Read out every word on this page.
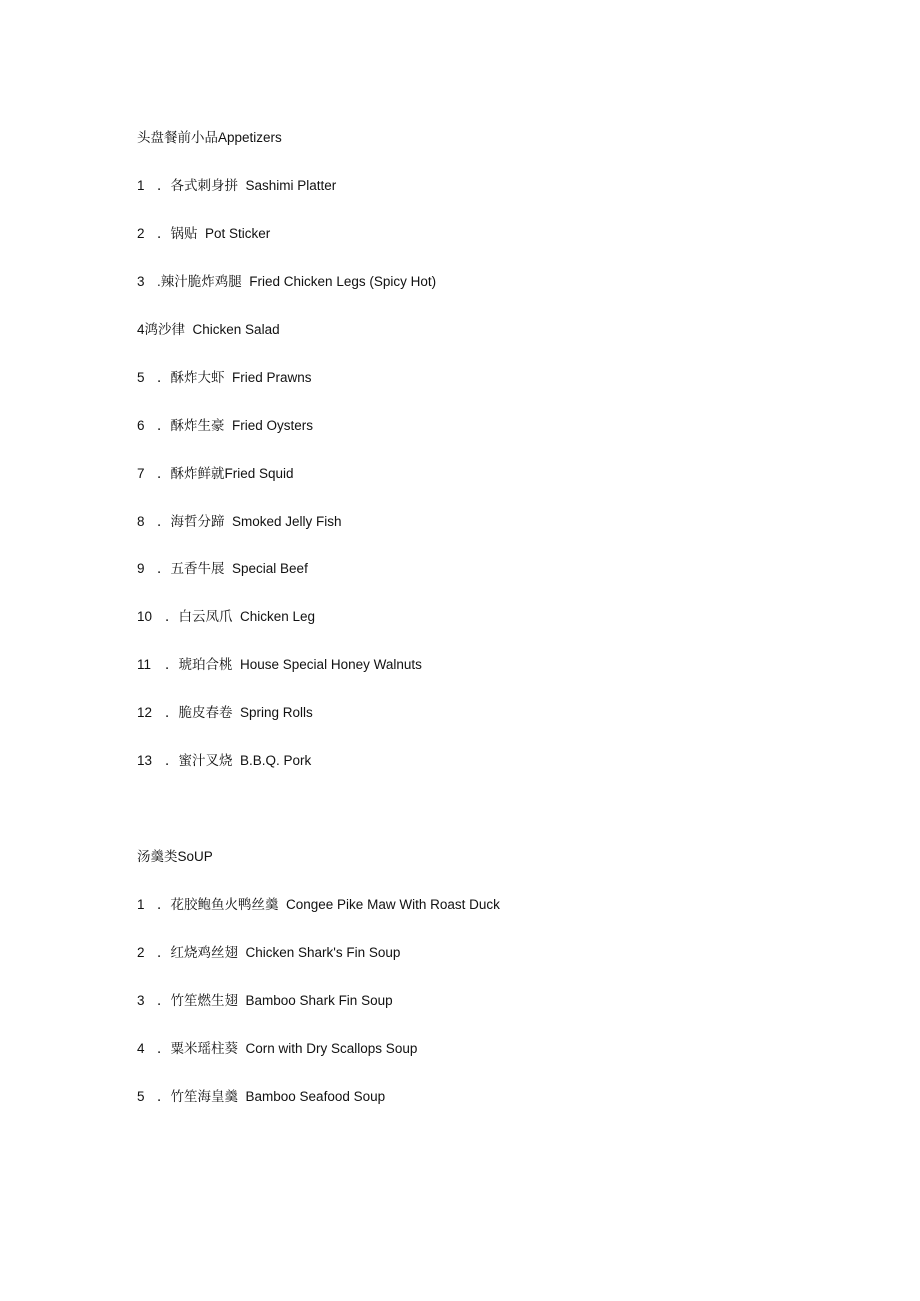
头盘餐前小品Appetizers
1 ．各式刺身拼 Sashimi Platter
2 ．锅贴 Pot Sticker
3 .辣汁脆炸鸡腿 Fried Chicken Legs (Spicy Hot)
4鸿沙律 Chicken Salad
5 ．酥炸大虾 Fried Prawns
6 ．酥炸生豪 Fried Oysters
7 ．酥炸鲜就Fried Squid
8 ．海哲分蹄 Smoked Jelly Fish
9 ．五香牛展 Special Beef
10 ．白云凤爪 Chicken Leg
11 ．琥珀合桃 House Special Honey Walnuts
12 ．脆皮春卷 Spring Rolls
13 ．蜜汁叉烧 B.B.Q. Pork
汤羹类SoUP
1 ．花胶鲍鱼火鸭丝羹 Congee Pike Maw With Roast Duck
2 ．红烧鸡丝翅 Chicken Shark's Fin Soup
3 ．竹笙燃生翅 Bamboo Shark Fin Soup
4 ．粟米瑶柱葵 Corn with Dry Scallops Soup
5 ．竹笙海皇羹 Bamboo Seafood Soup
